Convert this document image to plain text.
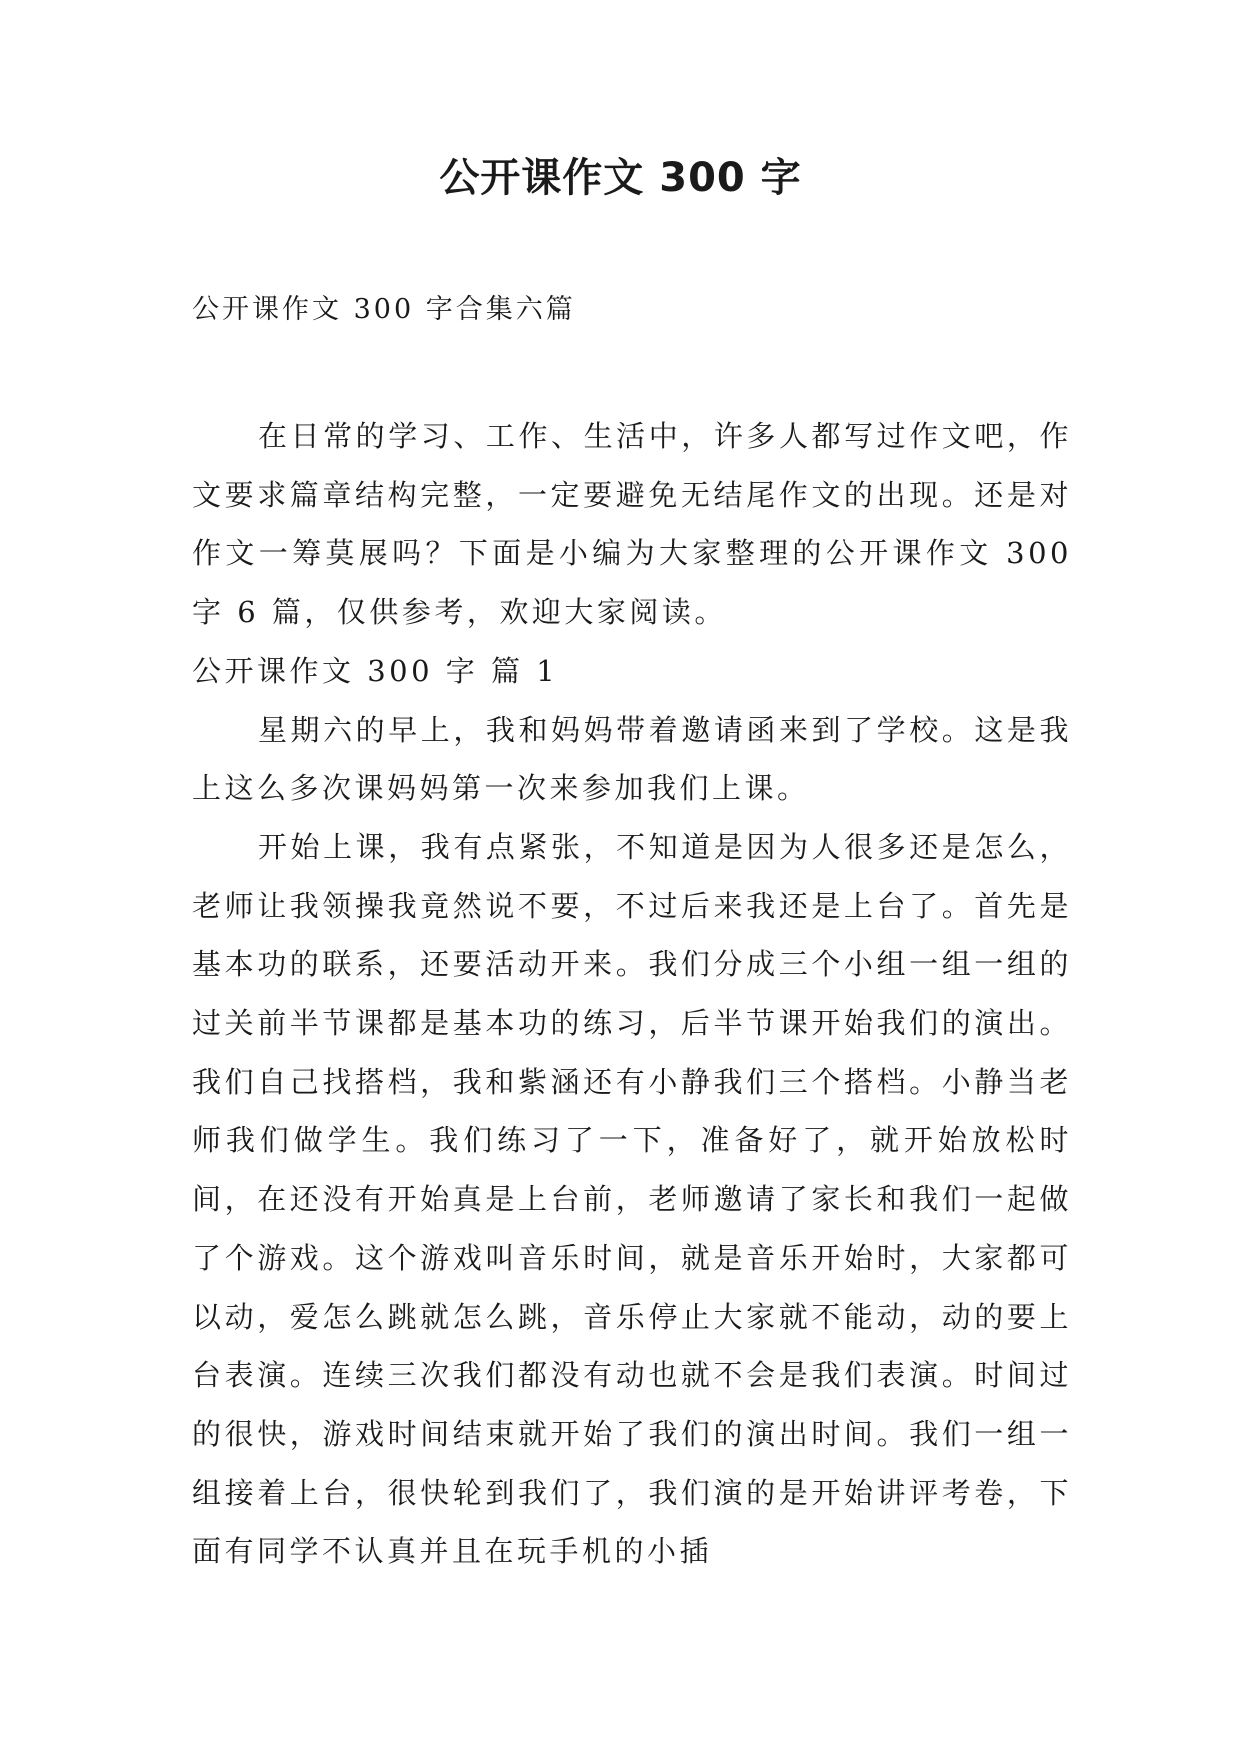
公开课作文 300 字

公开课作文 300 字合集六篇

在日常的学习、工作、生活中，许多人都写过作文吧，作文要求篇章结构完整，一定要避免无结尾作文的出现。还是对作文一筹莫展吗？下面是小编为大家整理的公开课作文 300 字 6 篇，仅供参考，欢迎大家阅读。

公开课作文 300 字 篇 1

星期六的早上，我和妈妈带着邀请函来到了学校。这是我上这么多次课妈妈第一次来参加我们上课。

开始上课，我有点紧张，不知道是因为人很多还是怎么，老师让我领操我竟然说不要，不过后来我还是上台了。首先是基本功的联系，还要活动开来。我们分成三个小组一组一组的过关前半节课都是基本功的练习，后半节课开始我们的演出。我们自己找搭档，我和紫涵还有小静我们三个搭档。小静当老师我们做学生。我们练习了一下，准备好了，就开始放松时间，在还没有开始真是上台前，老师邀请了家长和我们一起做了个游戏。这个游戏叫音乐时间，就是音乐开始时，大家都可以动，爱怎么跳就怎么跳，音乐停止大家就不能动，动的要上台表演。连续三次我们都没有动也就不会是我们表演。时间过的很快，游戏时间结束就开始了我们的演出时间。我们一组一组接着上台，很快轮到我们了，我们演的是开始讲评考卷，下面有同学不认真并且在玩手机的小插
